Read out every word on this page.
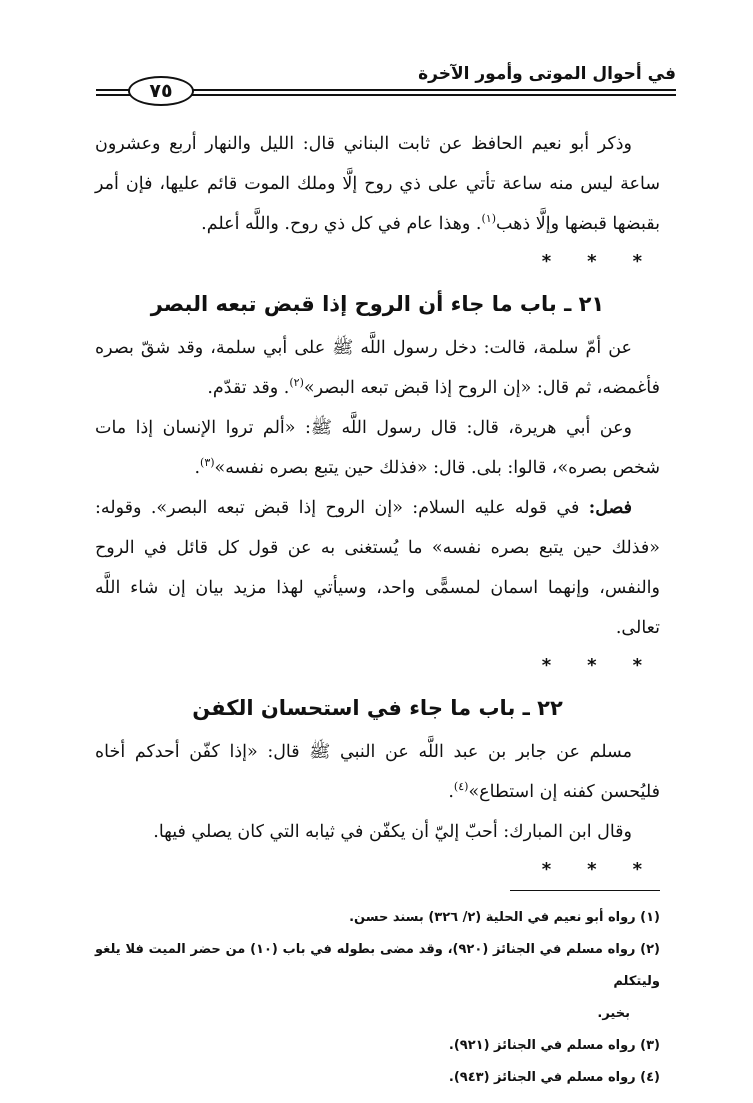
في أحوال الموتى وأمور الآخرة
٧٥

وذكر أبو نعيم الحافظ عن ثابت البناني قال: الليل والنهار أربع وعشرون ساعة ليس منه ساعة تأتي على ذي روح إلَّا وملك الموت قائم عليها، فإن أمر بقبضها قبضها وإلَّا ذهب$^{(١)}$. وهذا عام في كل ذي روح. واللَّه أعلم.

* * *
٢١ ـ باب ما جاء أن الروح إذا قبض تبعه البصر

عن أمّ سلمة، قالت: دخل رسول اللَّه ﷺ على أبي سلمة، وقد شقّ بصره فأغمضه، ثم قال: «إن الروح إذا قبض تبعه البصر»$^{(٢)}$. وقد تقدّم.

وعن أبي هريرة، قال: قال رسول اللَّه ﷺ: «ألم تروا الإنسان إذا مات شخص بصره»، قالوا: بلى. قال: «فذلك حين يتبع بصره نفسه»$^{(٣)}$.

فصل: في قوله عليه السلام: «إن الروح إذا قبض تبعه البصر». وقوله: «فذلك حين يتبع بصره نفسه» ما يُستغنى به عن قول كل قائل في الروح والنفس، وإنهما اسمان لمسمًّى واحد، وسيأتي لهذا مزيد بيان إن شاء اللَّه تعالى.

* * *
٢٢ ـ باب ما جاء في استحسان الكفن

مسلم عن جابر بن عبد اللَّه عن النبي ﷺ قال: «إذا كفّن أحدكم أخاه فليُحسن كفنه إن استطاع»$^{(٤)}$.

وقال ابن المبارك: أحبّ إليّ أن يكفّن في ثيابه التي كان يصلي فيها.

* * *

(١) رواه أبو نعيم في الحلية (٢/ ٣٢٦) بسند حسن.

(٢) رواه مسلم في الجنائز (٩٢٠)، وقد مضى بطوله في باب (١٠) من حضر الميت فلا يلغو وليتكلم

بخير.

(٣) رواه مسلم في الجنائز (٩٢١).

(٤) رواه مسلم في الجنائز (٩٤٣).
